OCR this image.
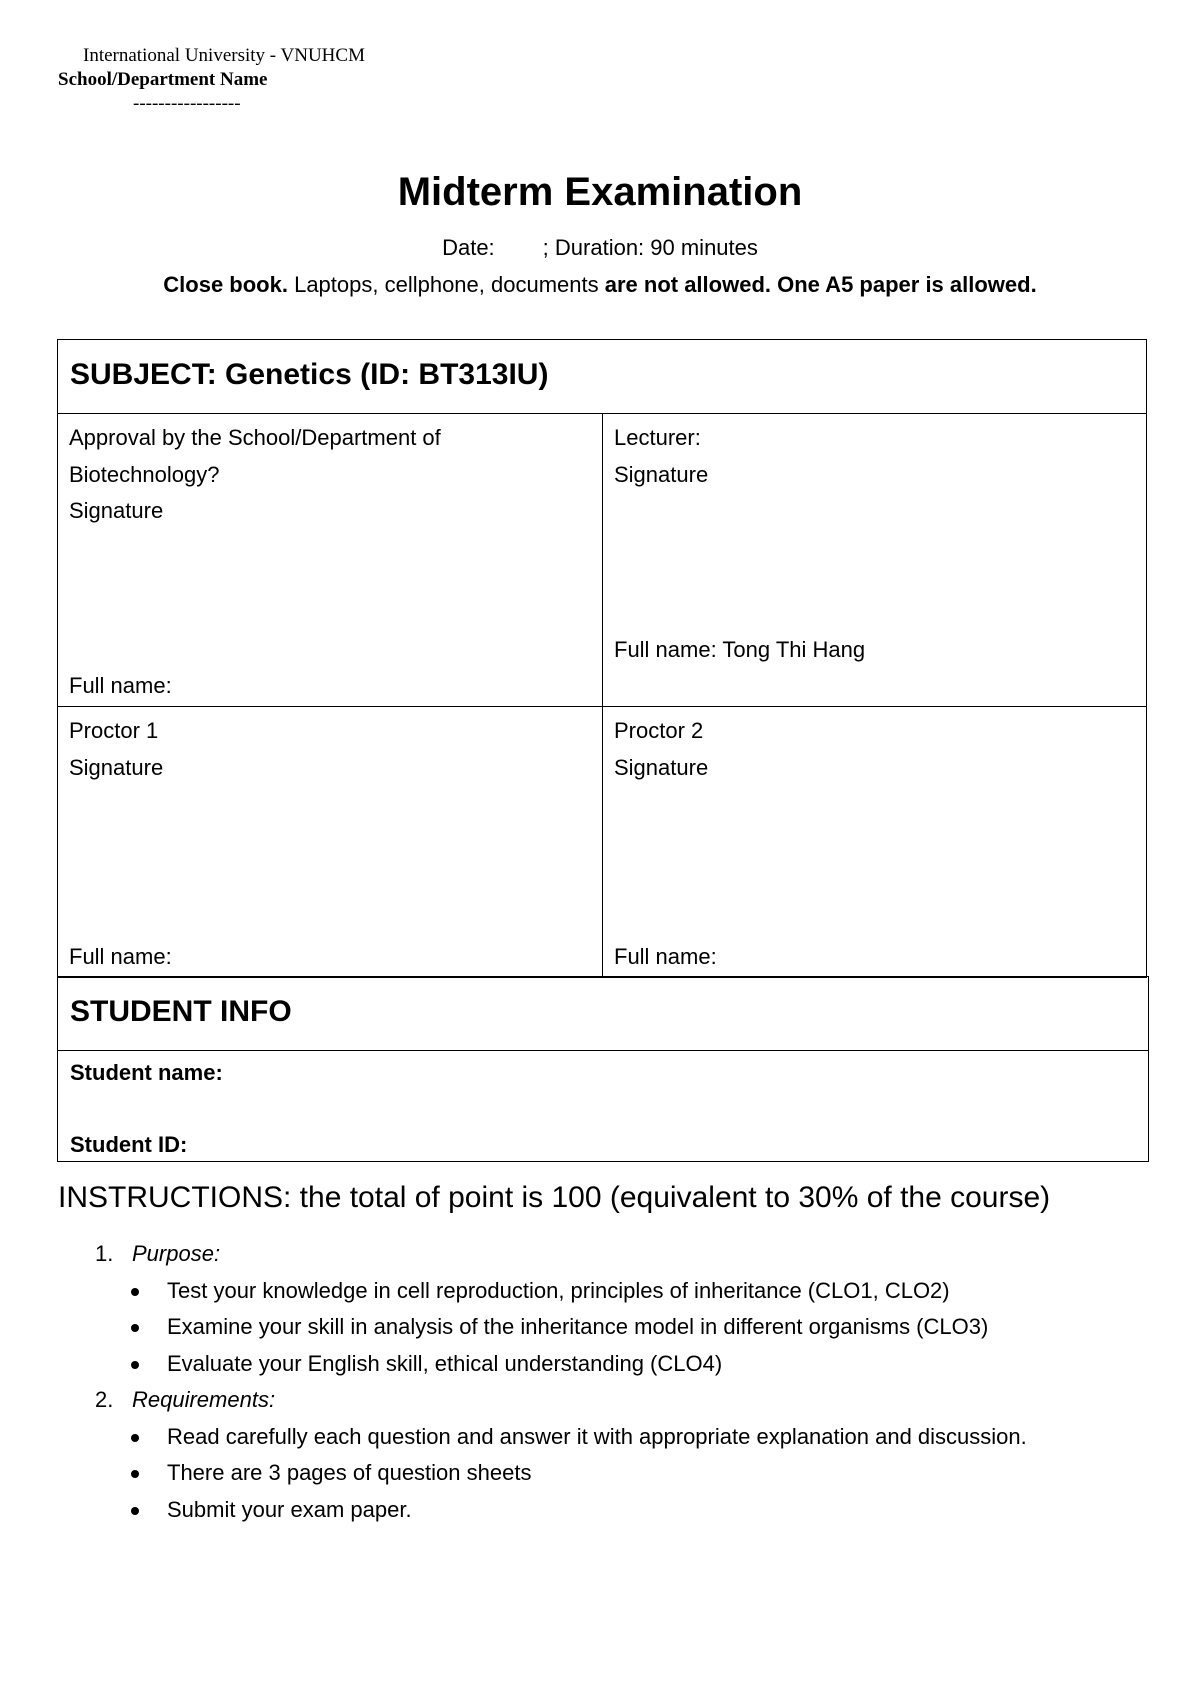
International University - VNUHCM
School/Department Name
-----------------
Midterm Examination
Date: ; Duration: 90 minutes
Close book. Laptops, cellphone, documents are not allowed. One A5 paper is allowed.
SUBJECT: Genetics (ID: BT313IU)
Approval by the School/Department of Biotechnology?
Signature
Full name:
Lecturer:
Signature
Full name: Tong Thi Hang
Proctor 1
Signature
Full name:
Proctor 2
Signature
Full name:
STUDENT INFO
Student name:
Student ID:
INSTRUCTIONS: the total of point is 100 (equivalent to 30% of the course)
1. Purpose:
Test your knowledge in cell reproduction, principles of inheritance (CLO1, CLO2)
Examine your skill in analysis of the inheritance model in different organisms (CLO3)
Evaluate your English skill, ethical understanding (CLO4)
2. Requirements:
Read carefully each question and answer it with appropriate explanation and discussion.
There are 3 pages of question sheets
Submit your exam paper.
